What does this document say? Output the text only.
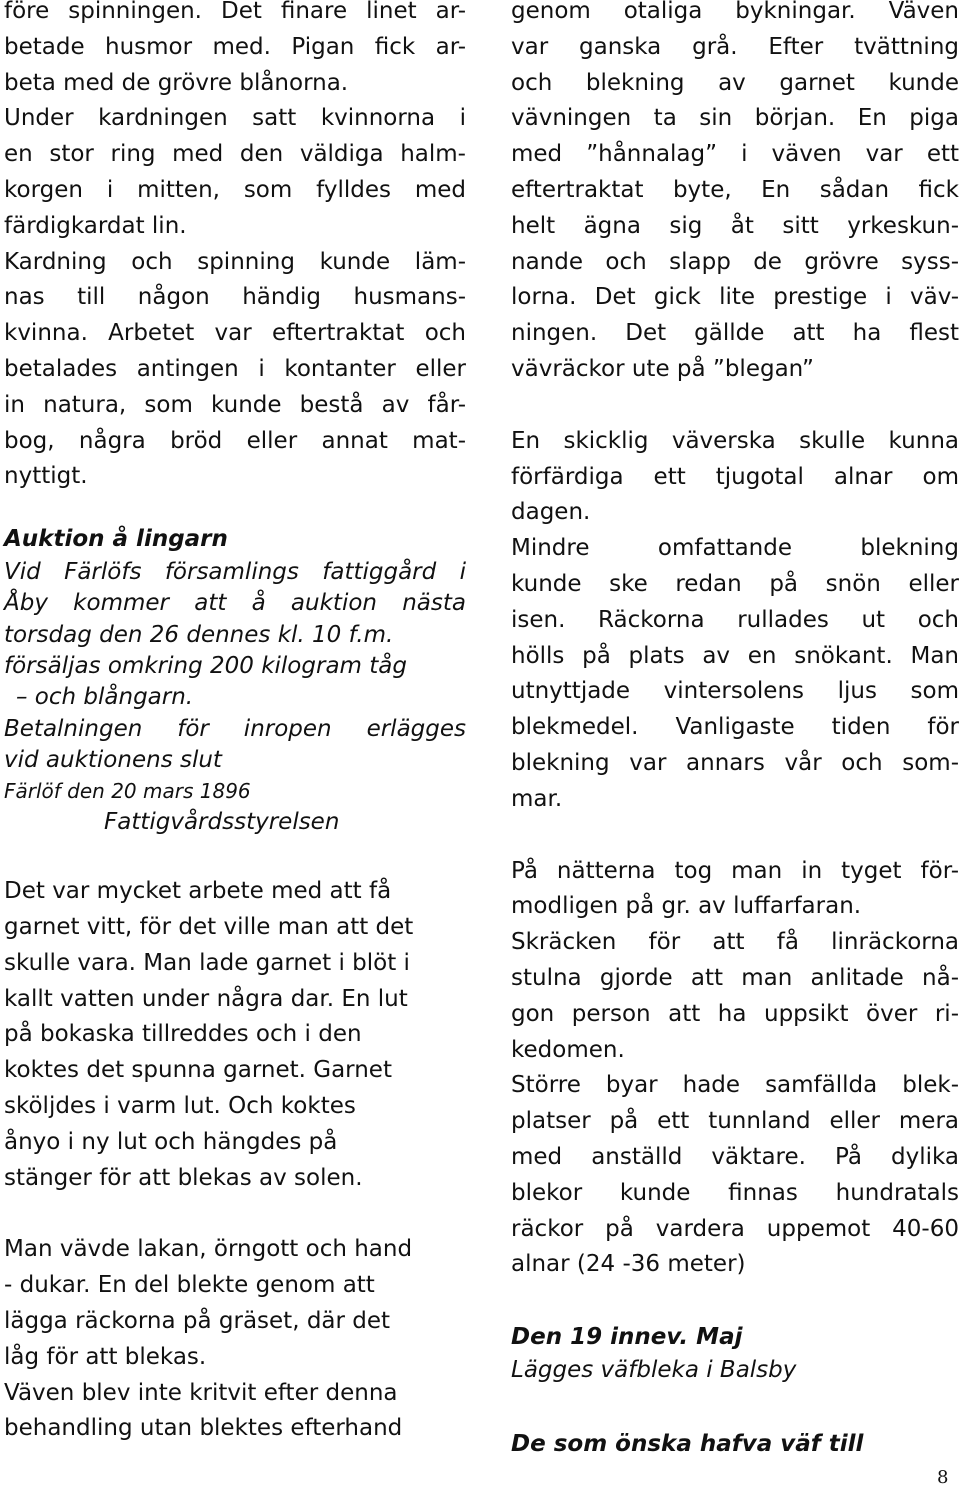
före spinningen. Det finare linet ar-
betade husmor med. Pigan fick ar-
beta med de grövre blånorna.
Under kardningen satt kvinnorna i
en stor ring med den väldiga halm-
korgen i mitten, som fylldes med
färdigkardat lin.
Kardning och spinning kunde läm-
nas till någon händig husmans-
kvinna. Arbetet var eftertraktat och
betalades antingen i kontanter eller
in natura, som kunde bestå av får-
bog, några bröd eller annat mat-
nyttigt.
Auktion å lingarn
Vid Färlöfs församlings fattiggård i
Åby kommer att å auktion nästa
torsdag den 26 dennes kl. 10 f.m.
försäljas omkring 200 kilogram tåg
– och blångarn.
Betalningen för inropen erlägges
vid auktionens slut
Färlöf den 20 mars 1896
Fattigvårdsstyrelsen
Det var mycket arbete med att få
garnet vitt, för det ville man att det
skulle vara. Man lade garnet i blöt i
kallt vatten under några dar. En lut
på bokaska tillreddes och i den
koktes det spunna garnet. Garnet
sköljdes i varm lut. Och koktes
ånyo i ny lut och hängdes på
stänger för att blekas av solen.
Man vävde lakan, örngott och hand
- dukar. En del blekte genom att
lägga räckorna på gräset, där det
låg för att blekas.
Väven blev inte kritvit efter denna
behandling utan blektes efterhand
genom otaliga bykningar. Väven
var ganska grå. Efter tvättning
och blekning av garnet kunde
vävningen ta sin början. En piga
med ”hånnalag” i väven var ett
eftertraktat byte, En sådan fick
helt ägna sig åt sitt yrkeskun-
nande och slapp de grövre syss-
lorna. Det gick lite prestige i väv-
ningen. Det gällde att ha flest
vävräckor ute på ”blegan”
En skicklig väverska skulle kunna
förfärdiga ett tjugotal alnar om
dagen.
Mindre omfattande blekning
kunde ske redan på snön eller
isen. Räckorna rullades ut och
hölls på plats av en snökant. Man
utnyttjade vintersolens ljus som
blekmedel. Vanligaste tiden för
blekning var annars vår och som-
mar.
På nätterna tog man in tyget för-
modligen på gr. av luffarfaran.
Skräcken för att få linräckorna
stulna gjorde att man anlitade nå-
gon person att ha uppsikt över ri-
kedomen.
Större byar hade samfällda blek-
platser på ett tunnland eller mera
med anställd väktare. På dylika
blekor kunde finnas hundratals
räckor på vardera uppemot 40-60
alnar (24 -36 meter)
Den 19 innev. Maj
Lägges väfbleka i Balsby
De som önska hafva väf till
8
